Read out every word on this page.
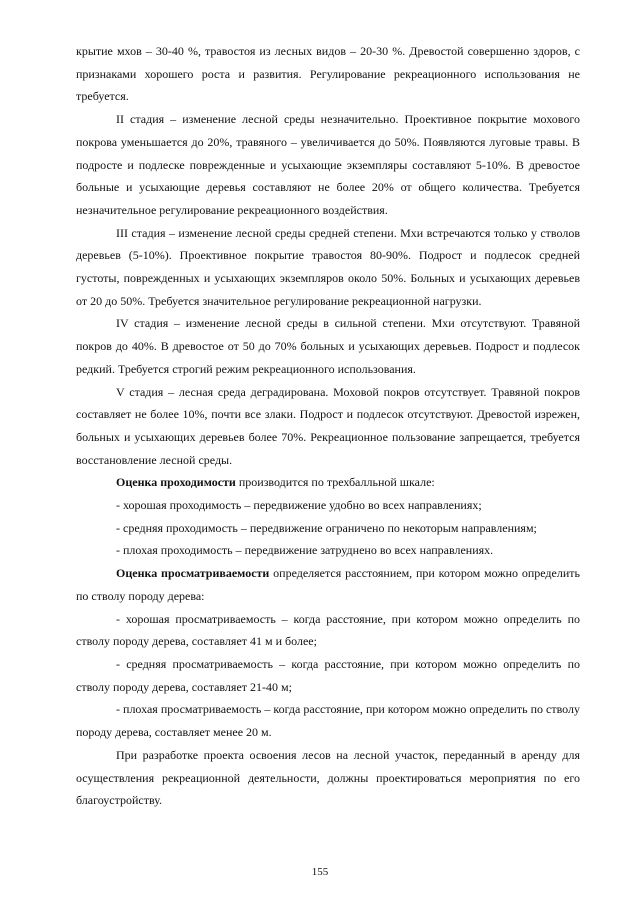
крытие мхов – 30-40 %, травостоя из лесных видов – 20-30 %. Древостой совершенно здоров, с признаками хорошего роста и развития. Регулирование рекреационного использования не требуется.

II стадия – изменение лесной среды незначительно. Проективное покрытие мохового покрова уменьшается до 20%, травяного – увеличивается до 50%. Появляются луговые травы. В подросте и подлеске поврежденные и усыхающие экземпляры составляют 5-10%. В древостое больные и усыхающие деревья составляют не более 20% от общего количества. Требуется незначительное регулирование рекреационного воздействия.

III стадия – изменение лесной среды средней степени. Мхи встречаются только у стволов деревьев (5-10%). Проективное покрытие травостоя 80-90%. Подрост и подлесок средней густоты, поврежденных и усыхающих экземпляров около 50%. Больных и усыхающих деревьев от 20 до 50%. Требуется значительное регулирование рекреационной нагрузки.

IV стадия – изменение лесной среды в сильной степени. Мхи отсутствуют. Травяной покров до 40%. В древостое от 50 до 70% больных и усыхающих деревьев. Подрост и подлесок редкий. Требуется строгий режим рекреационного использования.

V стадия – лесная среда деградирована. Моховой покров отсутствует. Травяной покров составляет не более 10%, почти все злаки. Подрост и подлесок отсутствуют. Древостой изрежен, больных и усыхающих деревьев более 70%. Рекреационное пользование запрещается, требуется восстановление лесной среды.

Оценка проходимости производится по трехбалльной шкале:

- хорошая проходимость – передвижение удобно во всех направлениях;

- средняя проходимость – передвижение ограничено по некоторым направлениям;

- плохая проходимость – передвижение затруднено во всех направлениях.

Оценка просматриваемости определяется расстоянием, при котором можно определить по стволу породу дерева:

- хорошая просматриваемость – когда расстояние, при котором можно определить по стволу породу дерева, составляет 41 м и более;

- средняя просматриваемость – когда расстояние, при котором можно определить по стволу породу дерева, составляет 21-40 м;

- плохая просматриваемость – когда расстояние, при котором можно определить по стволу породу дерева, составляет менее 20 м.

При разработке проекта освоения лесов на лесной участок, переданный в аренду для осуществления рекреационной деятельности, должны проектироваться мероприятия по его благоустройству.

155
